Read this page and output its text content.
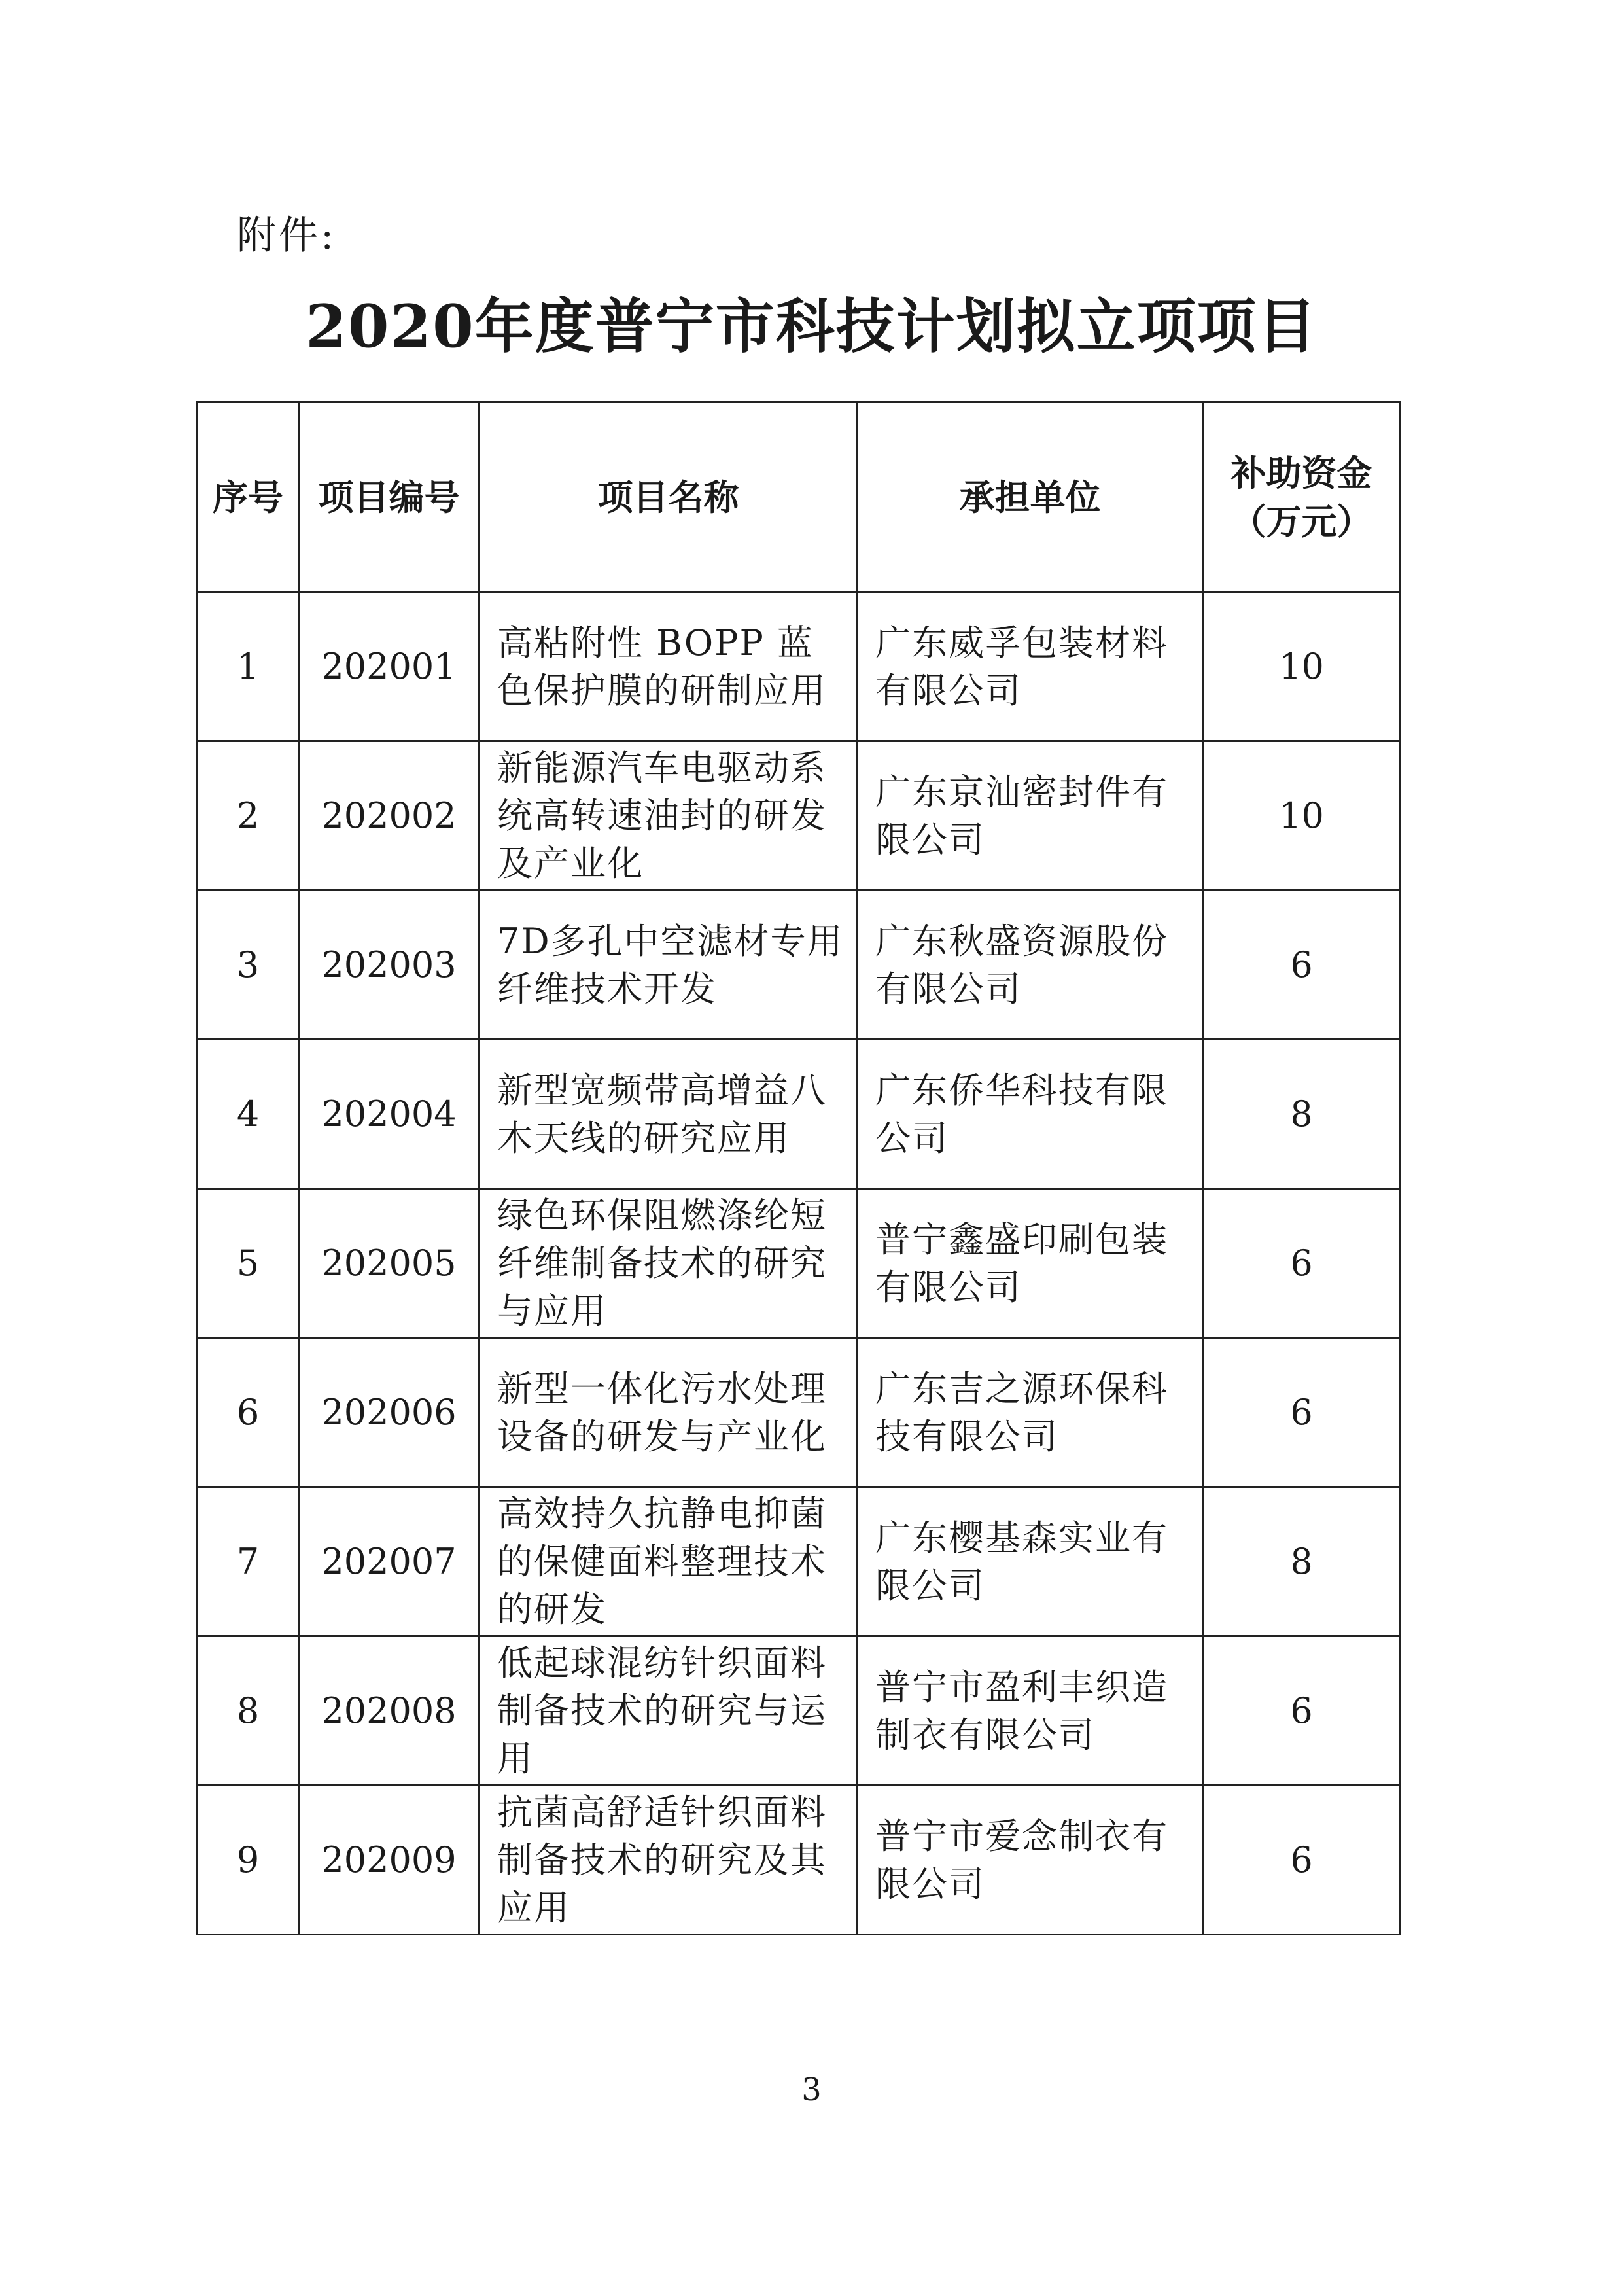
附件:
2020年度普宁市科技计划拟立项项目
序号	项目编号	项目名称	承担单位	补助资金
（万元）

1	202001	高粘附性 BOPP 蓝色保护膜的研制应用	广东威孚包装材料有限公司	10
2	202002	新能源汽车电驱动系统高转速油封的研发及产业化	广东京汕密封件有限公司	10
3	202003	7D多孔中空滤材专用纤维技术开发	广东秋盛资源股份有限公司	6
4	202004	新型宽频带高增益八木天线的研究应用	广东侨华科技有限公司	8
5	202005	绿色环保阻燃涤纶短纤维制备技术的研究与应用	普宁鑫盛印刷包装有限公司	6
6	202006	新型一体化污水处理设备的研发与产业化	广东吉之源环保科技有限公司	6
7	202007	高效持久抗静电抑菌的保健面料整理技术的研发	广东樱基森实业有限公司	8
8	202008	低起球混纺针织面料制备技术的研究与运用	普宁市盈利丰织造制衣有限公司	6
9	202009	抗菌高舒适针织面料制备技术的研究及其应用	普宁市爱念制衣有限公司	6
3
